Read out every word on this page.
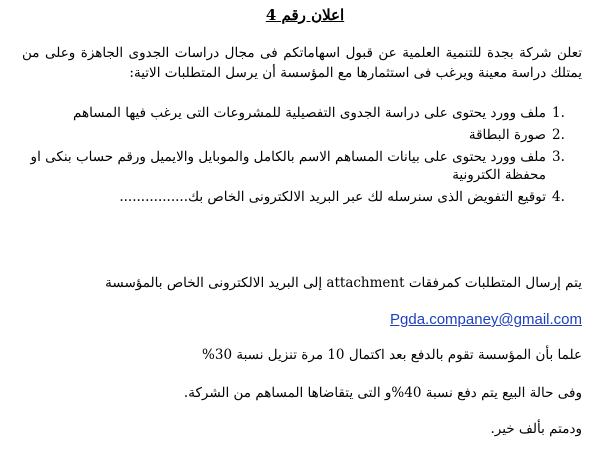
اعلان رقم 4
تعلن شركة بجدة للتنمية العلمية عن قبول اسهاماتكم فى مجال دراسات الجدوى الجاهزة وعلى من يمتلك دراسة معينة ويرغب فى استثمارها مع المؤسسة أن يرسل المتطلبات الاتية:
1.
ملف وورد يحتوى على دراسة الجدوى التفصيلية للمشروعات التى يرغب فيها المساهم
2.
صورة البطاقة
3.
ملف وورد يحتوى على بيانات المساهم الاسم بالكامل والموبايل والايميل ورقم حساب بنكى او محفظة الكترونية
4.
توقيع التفويض الذى سنرسله لك عبر البريد الالكترونى الخاص بك................
يتم إرسال المتطلبات كمرفقات attachment إلى البريد الالكترونى الخاص بالمؤسسة
Pgda.companey@gmail.com
علما بأن المؤسسة تقوم بالدفع بعد اكتمال 10 مرة تنزيل نسبة 30%
وفى حالة البيع يتم دفع نسبة 40%و التى يتقاضاها المساهم من الشركة.
ودمتم بألف خير.
